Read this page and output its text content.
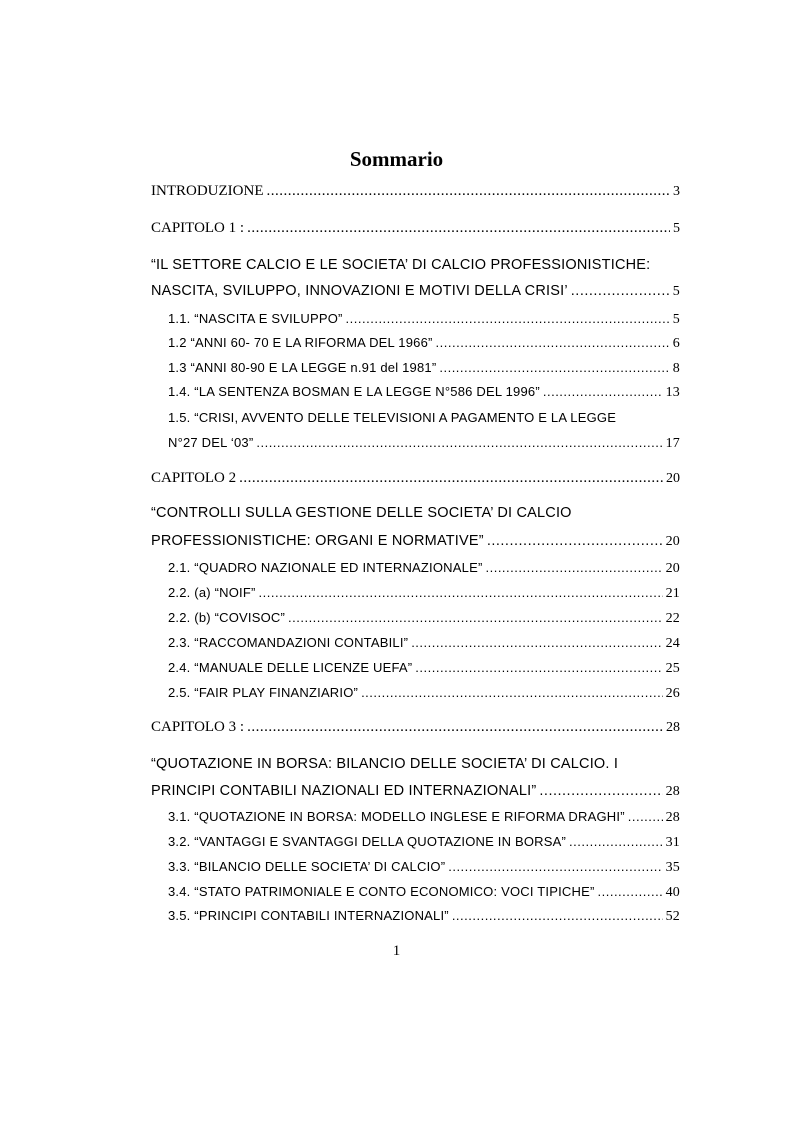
Sommario
INTRODUZIONE .....	3
CAPITOLO 1 : .....	5
“IL SETTORE CALCIO E LE SOCIETA’ DI CALCIO PROFESSIONISTICHE:
NASCITA, SVILUPPO, INNOVAZIONI E MOTIVI DELLA CRISI’ .....	5
1.1. “NASCITA E SVILUPPO” .....	5
1.2 “ANNI 60- 70 E LA RIFORMA DEL 1966” .....	6
1.3 “ANNI 80-90 E LA LEGGE n.91 del 1981” .....	8
1.4. “LA SENTENZA BOSMAN E LA LEGGE N°586 DEL 1996” .....	13
1.5. “CRISI, AVVENTO DELLE TELEVISIONI A PAGAMENTO E LA LEGGE
N°27 DEL ‘03” .....	17
CAPITOLO 2 .....	20
“CONTROLLI SULLA GESTIONE DELLE SOCIETA’ DI CALCIO
PROFESSIONISTICHE: ORGANI E NORMATIVE” .....	20
2.1. “QUADRO NAZIONALE ED INTERNAZIONALE” .....	20
2.2. (a) “NOIF” .....	21
2.2. (b) “COVISOC” .....	22
2.3. “RACCOMANDAZIONI CONTABILI” .....	24
2.4. “MANUALE DELLE LICENZE UEFA” .....	25
2.5. “FAIR PLAY FINANZIARIO” .....	26
CAPITOLO 3 : .....	28
“QUOTAZIONE IN BORSA: BILANCIO DELLE SOCIETA’ DI CALCIO. I
PRINCIPI CONTABILI NAZIONALI ED INTERNAZIONALI” .....	28
3.1. “QUOTAZIONE IN BORSA: MODELLO INGLESE E RIFORMA DRAGHI” .....	28
3.2. “VANTAGGI E SVANTAGGI DELLA QUOTAZIONE IN BORSA” .....	31
3.3. “BILANCIO DELLE SOCIETA’ DI CALCIO” .....	35
3.4. “STATO PATRIMONIALE E CONTO ECONOMICO: VOCI TIPICHE” .....	40
3.5. “PRINCIPI CONTABILI INTERNAZIONALI” .....	52
1
